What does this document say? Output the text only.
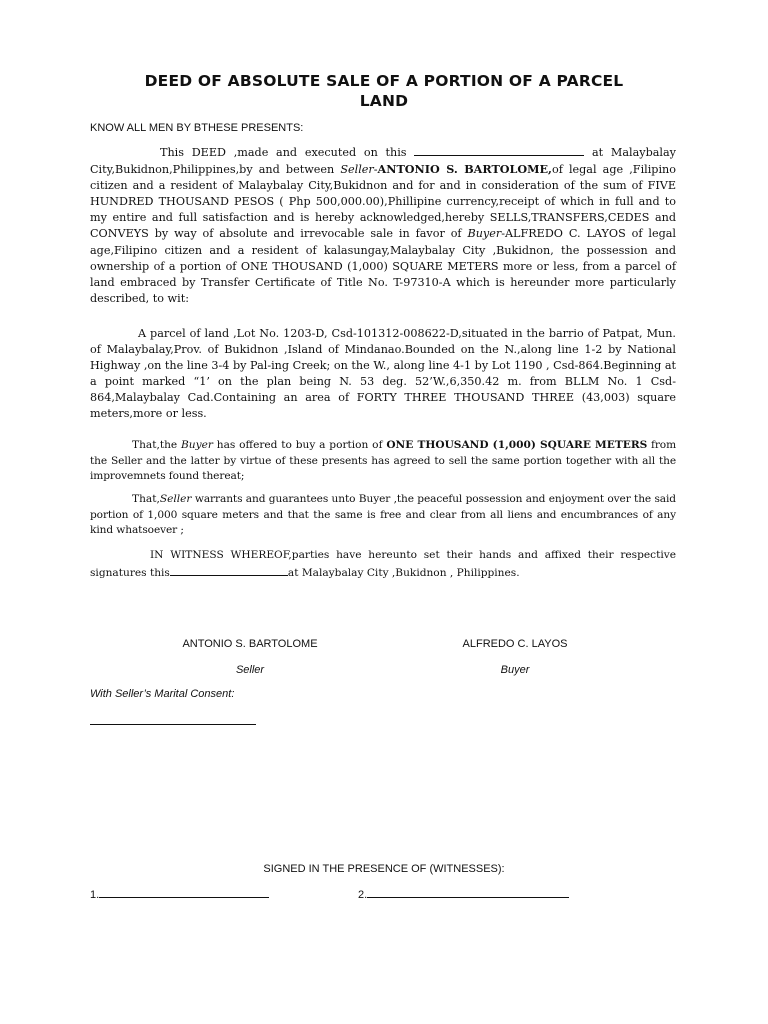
DEED OF ABSOLUTE SALE OF A PORTION OF A PARCEL
LAND
KNOW ALL MEN BY BTHESE PRESENTS:
This DEED ,made and executed on this	at Malaybalay City,Bukidnon,Philippines,by and between Seller-ANTONIO S. BARTOLOME,of legal age ,Filipino citizen and a resident of Malaybalay City,Bukidnon and for and in consideration of the sum of FIVE HUNDRED THOUSAND PESOS ( Php 500,000.00),Phillipine currency,receipt of which in full and to my entire and full satisfaction and is hereby acknowledged,hereby SELLS,TRANSFERS,CEDES and CONVEYS by way of absolute and irrevocable sale in favor of Buyer-ALFREDO C. LAYOS of legal age,Filipino citizen and a resident of kalasungay,Malaybalay City ,Bukidnon, the possession and ownership of a portion of ONE THOUSAND (1,000) SQUARE METERS more or less, from a parcel of land embraced by Transfer Certificate of Title No. T-97310-A which is hereunder more particularly described, to wit:
A parcel of land ,Lot No. 1203-D, Csd-101312-008622-D,situated in the barrio of Patpat, Mun. of Malaybalay,Prov. of Bukidnon ,Island of Mindanao.Bounded on the N.,along line 1-2 by National Highway ,on the line 3-4 by Pal-ing Creek; on the W., along line 4-1 by Lot 1190 , Csd-864.Beginning at a point marked “1’ on the plan being N. 53 deg. 52’W.,6,350.42 m. from BLLM No. 1 Csd-864,Malaybalay Cad.Containing an area of FORTY THREE THOUSAND THREE (43,003) square meters,more or less.
That,the Buyer has offered to buy a portion of ONE THOUSAND (1,000) SQUARE METERS from the Seller and the latter by virtue of these presents has agreed to sell the same portion together with all the improvemnets found thereat;
That,Seller warrants and guarantees unto Buyer ,the peaceful possession and enjoyment over the said portion of 1,000 square meters and that the same is free and clear from all liens and encumbrances of any kind whatsoever ;
IN WITNESS WHEREOF,parties have hereunto set their hands and affixed their respective signatures this	at Malaybalay City ,Bukidnon , Philippines.
ANTONIO S. BARTOLOME	ALFREDO C. LAYOS
Seller	Buyer
With Seller’s Marital Consent:
SIGNED IN THE PRESENCE OF (WITNESSES):
1.	2.
